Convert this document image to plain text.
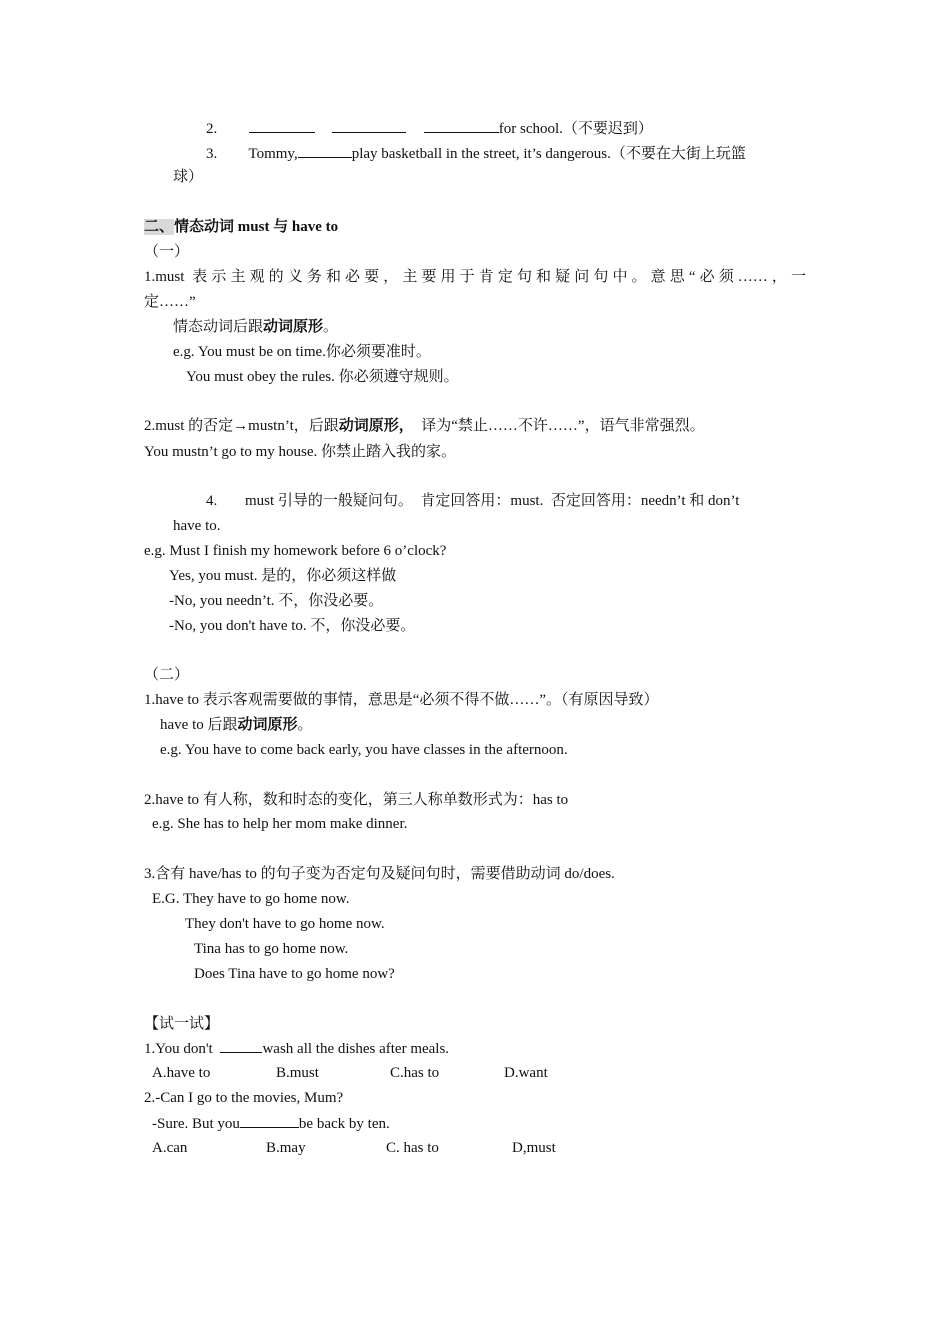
2.	for school.（不要迟到）
3. Tommy,	play basketball in the street, it’s dangerous.（不要在大街上玩篮
球）
二、情态动词 must 与 have to
（一）
1.must 表示主观的义务和必要，主要用于肯定句和疑问句中。意思“必须……，一
定……”
情态动词后跟动词原形。
e.g. You must be on time.你必须要准时。
You must obey the rules. 你必须遵守规则。
2.must 的否定→mustn’t，后跟动词原形，  译为“禁止……不许……”，语气非常强烈。
You mustn’t go to my house. 你禁止踏入我的家。
4. must 引导的一般疑问句。  肯定回答用：must.  否定回答用：needn’t 和 don’t
have to.
e.g. Must I finish my homework before 6 o’clock?
Yes, you must. 是的，你必须这样做
-No, you needn’t. 不，你没必要。
-No, you don't have to. 不，你没必要。
（二）
1.have to 表示客观需要做的事情，意思是“必须不得不做……”。（有原因导致）
have to 后跟动词原形。
e.g. You have to come back early, you have classes in the afternoon.
2.have to 有人称，数和时态的变化，第三人称单数形式为：has to
e.g. She has to help her mom make dinner.
3.含有 have/has to 的句子变为否定句及疑问句时，需要借助动词 do/does.
E.G. They have to go home now.
They don't have to go home now.
Tina has to go home now.
Does Tina have to go home now?
【试一试】
1.You don't	wash all the dishes after meals.
A.have to	B.must	C.has to	D.want
2.-Can I go to the movies, Mum?
-Sure. But you	be back by ten.
A.can	B.may	C. has to	D,must
